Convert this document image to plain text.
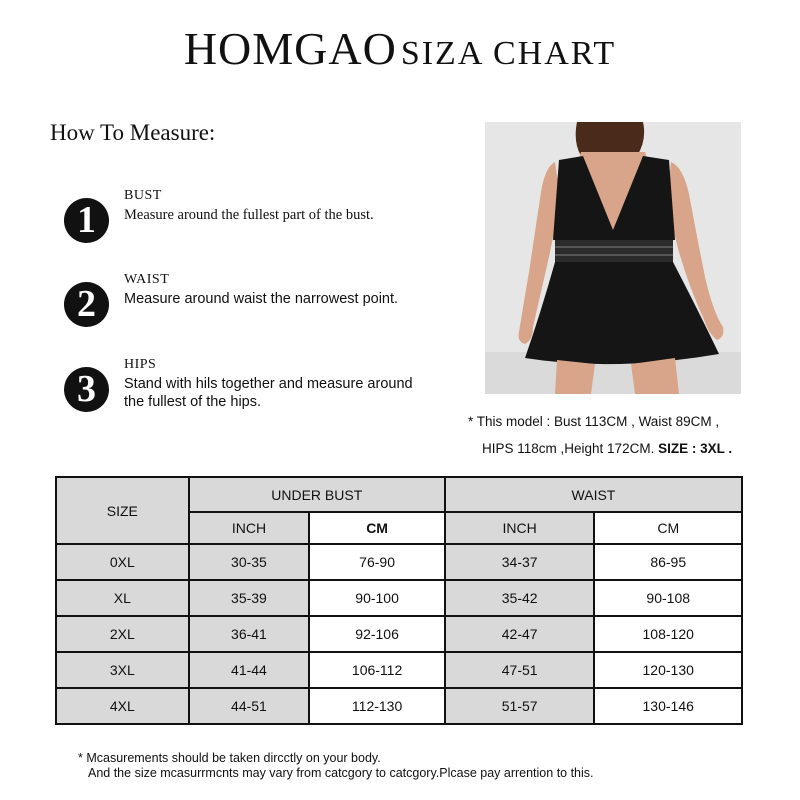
HOMGAO SIZA CHART
How To Measure:
1
BUST
Measure around the fullest part of the bust.
2
WAIST
Measure around waist the narrowest point.
3
HIPS
Stand with hils together and measure around
the fullest of the hips.
* This model : Bust 113CM , Waist 89CM ,
HIPS 118cm ,Height 172CM. SIZE : 3XL .
SIZE	UNDER BUST		WAIST	
	INCH	CM	INCH	CM
0XL	30-35	76-90	34-37	86-95
XL	35-39	90-100	35-42	90-108
2XL	36-41	92-106	42-47	108-120
3XL	41-44	106-112	47-51	120-130
4XL	44-51	112-130	51-57	130-146
* Mcasurements should be taken dircctly on your body.
And the size mcasurrmcnts may vary from catcgory to catcgory.Plcase pay arrention to this.
